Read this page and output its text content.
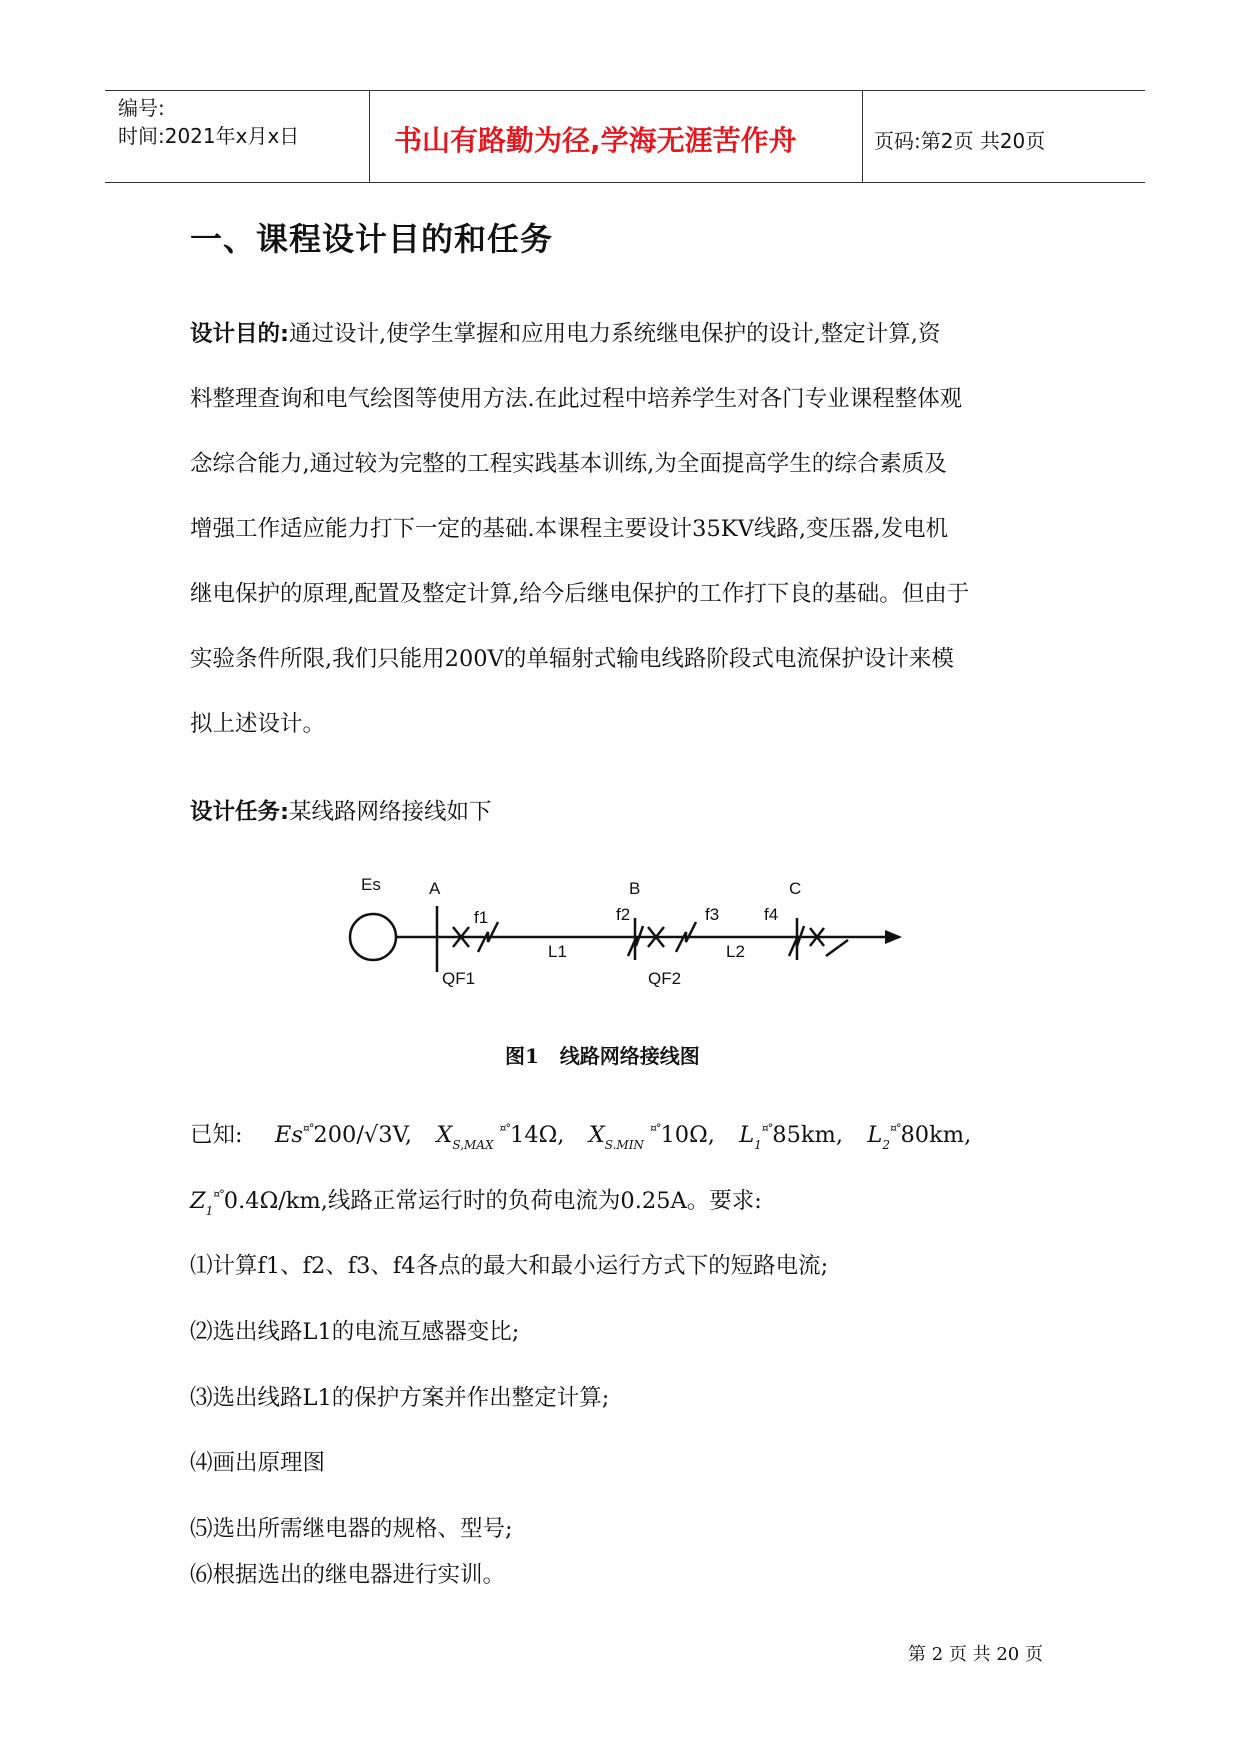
编号:
时间:2021年x月x日	书山有路勤为径,学海无涯苦作舟	页码:第2页 共20页
一、课程设计目的和任务
设计目的:通过设计,使学生掌握和应用电力系统继电保护的设计,整定计算,资
料整理查询和电气绘图等使用方法.在此过程中培养学生对各门专业课程整体观
念综合能力,通过较为完整的工程实践基本训练,为全面提高学生的综合素质及
增强工作适应能力打下一定的基础.本课程主要设计35KV线路,变压器,发电机
继电保护的原理,配置及整定计算,给今后继电保护的工作打下良的基础。但由于
实验条件所限,我们只能用200V的单辐射式输电线路阶段式电流保护设计来模
拟上述设计。
设计任务:某线路网络接线如下
Es	A	B	C
f1	f2	f3	f4
L1	L2
QF1	QF2
图1   线路网络接线图
已知: Es¤°200/√3V,  $X_{S,MAX}^{¤^\circ}14\Omega$,  $X_{S.MIN}^{¤^\circ}10\Omega$,  $L_1^{¤^\circ}85km$,  $L_2^{¤^\circ}80km$,
$Z_1^{¤^\circ}0.4\Omega/km$,线路正常运行时的负荷电流为0.25A。要求:
⑴计算f1、f2、f3、f4各点的最大和最小运行方式下的短路电流;
⑵选出线路L1的电流互感器变比;
⑶选出线路L1的保护方案并作出整定计算;
⑷画出原理图
⑸选出所需继电器的规格、型号;
⑹根据选出的继电器进行实训。
第 2 页 共 20 页
